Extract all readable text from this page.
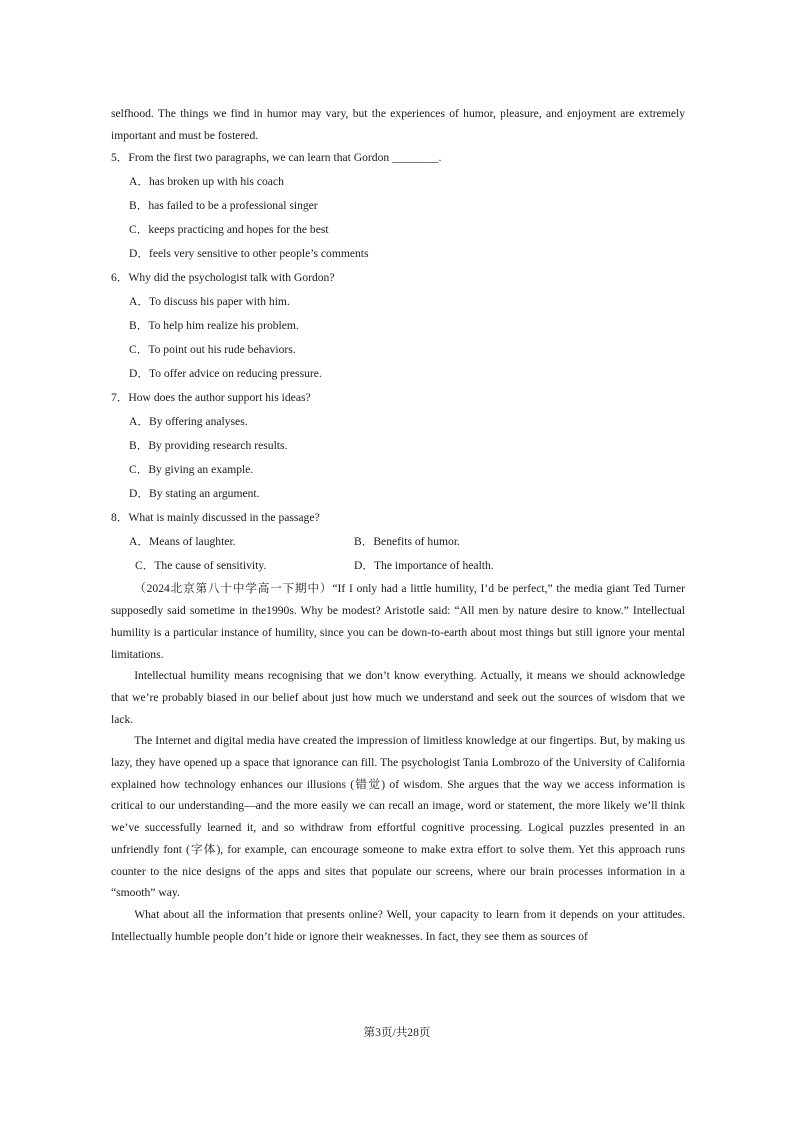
selfhood. The things we find in humor may vary, but the experiences of humor, pleasure, and enjoyment are extremely important and must be fostered.

5．From the first two paragraphs, we can learn that Gordon ________.

A．has broken up with his coach

B．has failed to be a professional singer

C．keeps practicing and hopes for the best

D．feels very sensitive to other people’s comments

6．Why did the psychologist talk with Gordon?

A．To discuss his paper with him.

B．To help him realize his problem.

C．To point out his rude behaviors.

D．To offer advice on reducing pressure.

7．How does the author support his ideas?

A．By offering analyses.

B．By providing research results.

C．By giving an example.

D．By stating an argument.

8．What is mainly discussed in the passage?

A．Means of laughter.	B．Benefits of humor.
C．The cause of sensitivity.	D．The importance of health.

（2024北京第八十中学高一下期中）“If I only had a little humility, I’d be perfect,” the media giant Ted Turner supposedly said sometime in the1990s. Why be modest? Aristotle said: “All men by nature desire to know.” Intellectual humility is a particular instance of humility, since you can be down-to-earth about most things but still ignore your mental limitations.

Intellectual humility means recognising that we don’t know everything. Actually, it means we should acknowledge that we’re probably biased in our belief about just how much we understand and seek out the sources of wisdom that we lack.

The Internet and digital media have created the impression of limitless knowledge at our fingertips. But, by making us lazy, they have opened up a space that ignorance can fill. The psychologist Tania Lombrozo of the University of California explained how technology enhances our illusions (错觉) of wisdom. She argues that the way we access information is critical to our understanding—and the more easily we can recall an image, word or statement, the more likely we’ll think we’ve successfully learned it, and so withdraw from effortful cognitive processing. Logical puzzles presented in an unfriendly font (字体), for example, can encourage someone to make extra effort to solve them. Yet this approach runs counter to the nice designs of the apps and sites that populate our screens, where our brain processes information in a “smooth” way.

What about all the information that presents online? Well, your capacity to learn from it depends on your attitudes. Intellectually humble people don’t hide or ignore their weaknesses. In fact, they see them as sources of

第3页/共28页
